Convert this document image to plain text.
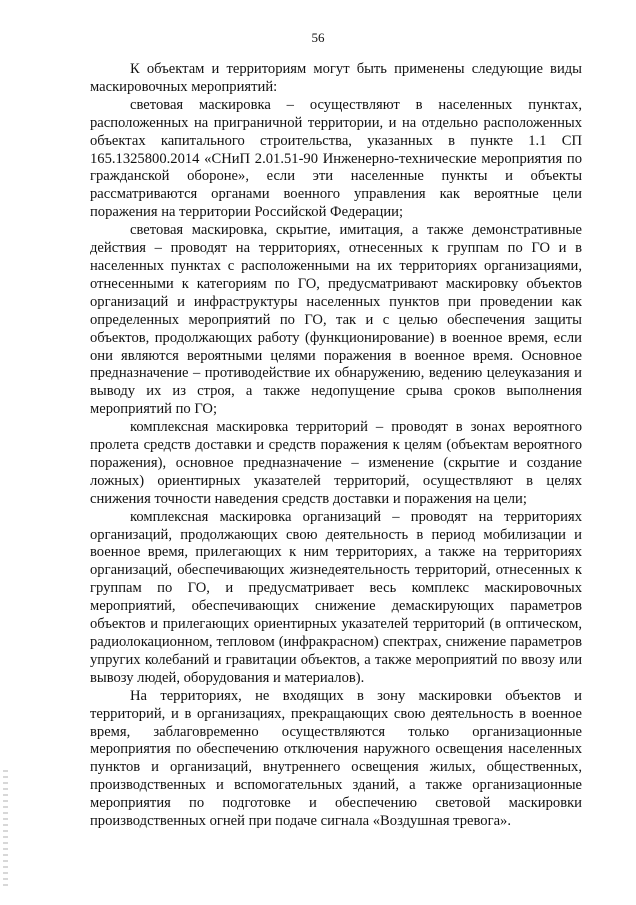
56

К объектам и территориям могут быть применены следующие виды маскировочных мероприятий:

световая маскировка – осуществляют в населенных пунктах, расположенных на приграничной территории, и на отдельно расположенных объектах капитального строительства, указанных в пункте 1.1 СП 165.1325800.2014 «СНиП 2.01.51-90 Инженерно-технические мероприятия по гражданской обороне», если эти населенные пункты и объекты рассматриваются органами военного управления как вероятные цели поражения на территории Российской Федерации;

световая маскировка, скрытие, имитация, а также демонстративные действия – проводят на территориях, отнесенных к группам по ГО и в населенных пунктах с расположенными на их территориях организациями, отнесенными к категориям по ГО, предусматривают маскировку объектов организаций и инфраструктуры населенных пунктов при проведении как определенных мероприятий по ГО, так и с целью обеспечения защиты объектов, продолжающих работу (функционирование) в военное время, если они являются вероятными целями поражения в военное время. Основное предназначение – противодействие их обнаружению, ведению целеуказания и выводу их из строя, а также недопущение срыва сроков выполнения мероприятий по ГО;

комплексная маскировка территорий – проводят в зонах вероятного пролета средств доставки и средств поражения к целям (объектам вероятного поражения), основное предназначение – изменение (скрытие и создание ложных) ориентирных указателей территорий, осуществляют в целях снижения точности наведения средств доставки и поражения на цели;

комплексная маскировка организаций – проводят на территориях организаций, продолжающих свою деятельность в период мобилизации и военное время, прилегающих к ним территориях, а также на территориях организаций, обеспечивающих жизнедеятельность территорий, отнесенных к группам по ГО, и предусматривает весь комплекс маскировочных мероприятий, обеспечивающих снижение демаскирующих параметров объектов и прилегающих ориентирных указателей территорий (в оптическом, радиолокационном, тепловом (инфракрасном) спектрах, снижение параметров упругих колебаний и гравитации объектов, а также мероприятий по ввозу или вывозу людей, оборудования и материалов).

На территориях, не входящих в зону маскировки объектов и территорий, и в организациях, прекращающих свою деятельность в военное время, заблаговременно осуществляются только организационные мероприятия по обеспечению отключения наружного освещения населенных пунктов и организаций, внутреннего освещения жилых, общественных, производственных и вспомогательных зданий, а также организационные мероприятия по подготовке и обеспечению световой маскировки производственных огней при подаче сигнала «Воздушная тревога».
